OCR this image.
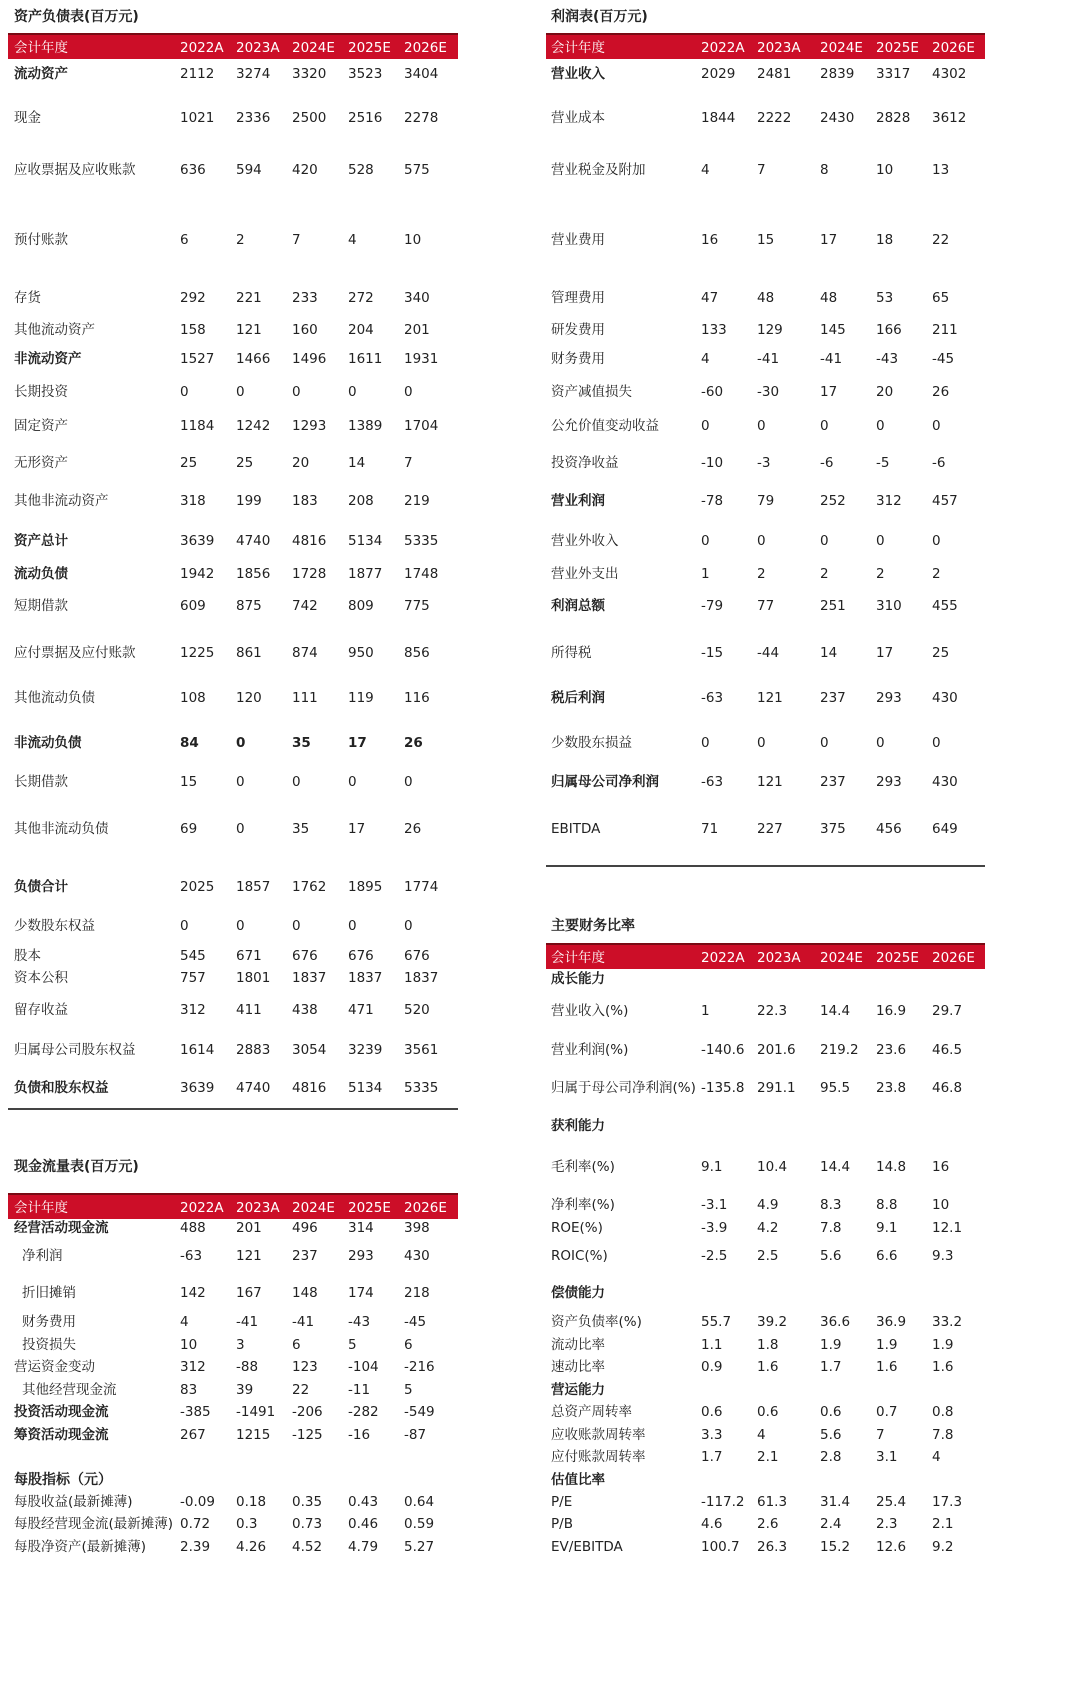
资产负债表(百万元)
会计年度	2022A 2023A 2024E 2025E 2026E
流动资产	2112 3274 3320 3523 3404
现金	1021 2336 2500 2516 2278
应收票据及应收账款	636 594 420 528 575
预付账款	6	2	7	4	10
存货	292 221 233 272 340
其他流动资产	158 121 160 204 201
非流动资产	1527 1466 1496 1611 1931
长期投资	0	0	0	0	0
固定资产	1184 1242 1293 1389 1704
无形资产	25	25	20	14	7
其他非流动资产	318 199 183 208 219
资产总计	3639 4740 4816 5134 5335
流动负债	1942 1856 1728 1877 1748
短期借款	609 875 742 809 775
应付票据及应付账款	1225 861 874 950 856
其他流动负债	108 120 111 119 116
非流动负债	84	0	35	17	26
长期借款	15	0	0	0	0
其他非流动负债	69	0	35	17	26
负债合计	2025 1857 1762 1895 1774
少数股东权益	0	0	0	0	0
股本	545 671 676 676 676
资本公积	757 1801 1837 1837 1837
留存收益	312 411 438 471 520
归属母公司股东权益	1614 2883 3054 3239 3561
负债和股东权益	3639 4740 4816 5134 5335
利润表(百万元)
会计年度	2022A 2023A 2024E 2025E 2026E
营业收入	2029 2481 2839 3317 4302
营业成本	1844 2222 2430 2828 3612
营业税金及附加	4	7	8	10	13
营业费用	16	15	17	18	22
管理费用	47	48	48	53	65
研发费用	133 129	145 166 211
财务费用	4	-41	-41	-43	-45
资产减值损失	-60	-30	17	20	26
公允价值变动收益	0	0	0	0	0
投资净收益	-10	-3	-6	-5	-6
营业利润	-78	79	252 312 457
营业外收入	0	0	0	0	0
营业外支出	1	2	2	2	2
利润总额	-79	77	251 310 455
所得税	-15	-44	14	17	25
税后利润	-63	121	237 293 430
少数股东损益	0	0	0	0	0
归属母公司净利润	-63	121	237 293 430
EBITDA	71	227	375 456 649
主要财务比率
会计年度	2022A 2023A 2024E 2025E 2026E
成长能力
营业收入(%)	1	22.3 14.4 16.9 29.7
营业利润(%)	-140.6 201.6 219.2 23.6 46.5
归属于母公司净利润(%) -135.8 291.1 95.5 23.8 46.8
获利能力
毛利率(%)	9.1	10.4 14.4 14.8 16
净利率(%)	-3.1 4.9	8.3	8.8	10
ROE(%)	-3.9 4.2	7.8	9.1	12.1
ROIC(%)	-2.5 2.5	5.6	6.6	9.3
偿债能力
资产负债率(%)	55.7 39.2 36.6 36.9 33.2
流动比率	1.1	1.8	1.9	1.9	1.9
速动比率	0.9	1.6	1.7	1.6	1.6
营运能力
总资产周转率	0.6	0.6	0.6	0.7	0.8
应收账款周转率	3.3	4	5.6	7	7.8
应付账款周转率	1.7	2.1	2.8	3.1	4
估值比率
P/E	-117.2 61.3 31.4 25.4 17.3
P/B	4.6	2.6	2.4	2.3	2.1
EV/EBITDA	100.7 26.3 15.2 12.6 9.2
现金流量表(百万元)
会计年度	2022A 2023A 2024E 2025E 2026E
经营活动现金流	488 201 496 314 398
净利润	-63	121 237 293 430
折旧摊销	142 167 148 174 218
财务费用	4	-41	-41	-43	-45
投资损失	10	3	6	5	6
营运资金变动	312 -88	123 -104 -216
其他经营现金流	83	39	22	-11	5
投资活动现金流	-385 -1491 -206 -282 -549
筹资活动现金流	267 1215 -125 -16	-87
每股指标（元）
每股收益(最新摊薄)	-0.09 0.18 0.35 0.43 0.64
每股经营现金流(最新摊薄) 0.72 0.3	0.73 0.46 0.59
每股净资产(最新摊薄)	2.39 4.26 4.52 4.79 5.27
